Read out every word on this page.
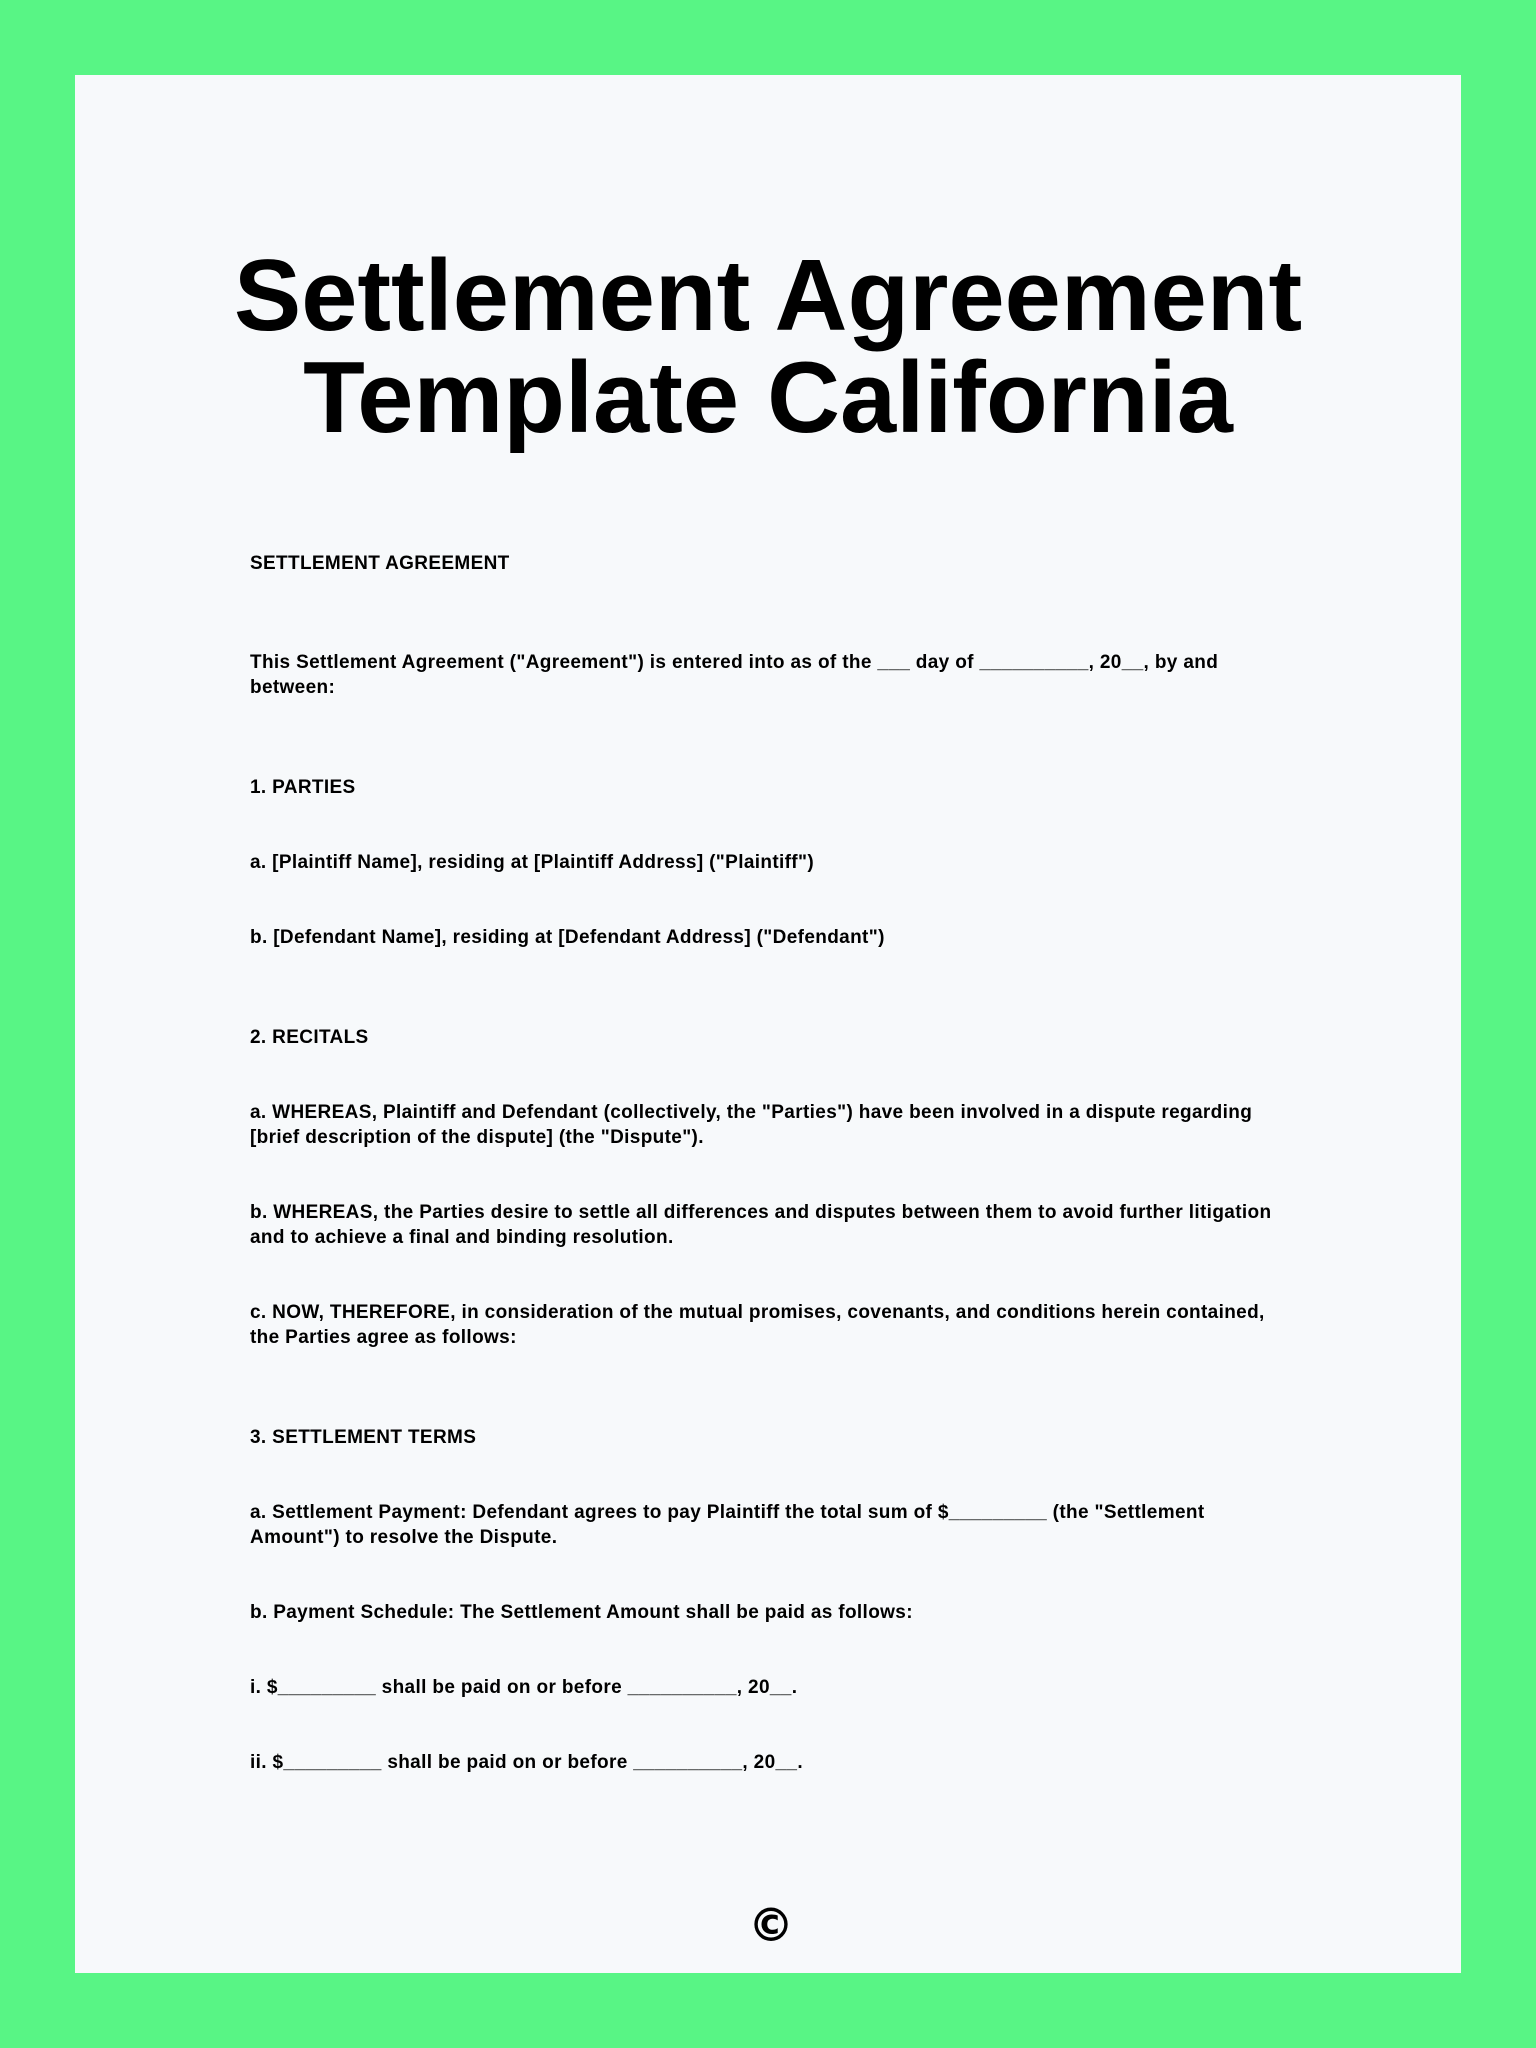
Settlement Agreement
Template California

SETTLEMENT AGREEMENT

This Settlement Agreement ("Agreement") is entered into as of the ___ day of __________, 20__, by and between:

1. PARTIES

a. [Plaintiff Name], residing at [Plaintiff Address] ("Plaintiff")

b. [Defendant Name], residing at [Defendant Address] ("Defendant")

2. RECITALS

a. WHEREAS, Plaintiff and Defendant (collectively, the "Parties") have been involved in a dispute regarding [brief description of the dispute] (the "Dispute").

b. WHEREAS, the Parties desire to settle all differences and disputes between them to avoid further litigation and to achieve a final and binding resolution.

c. NOW, THEREFORE, in consideration of the mutual promises, covenants, and conditions herein contained, the Parties agree as follows:

3. SETTLEMENT TERMS

a. Settlement Payment: Defendant agrees to pay Plaintiff the total sum of $_________ (the "Settlement Amount") to resolve the Dispute.

b. Payment Schedule: The Settlement Amount shall be paid as follows:

i. $_________ shall be paid on or before __________, 20__.

ii. $_________ shall be paid on or before __________, 20__.

©
